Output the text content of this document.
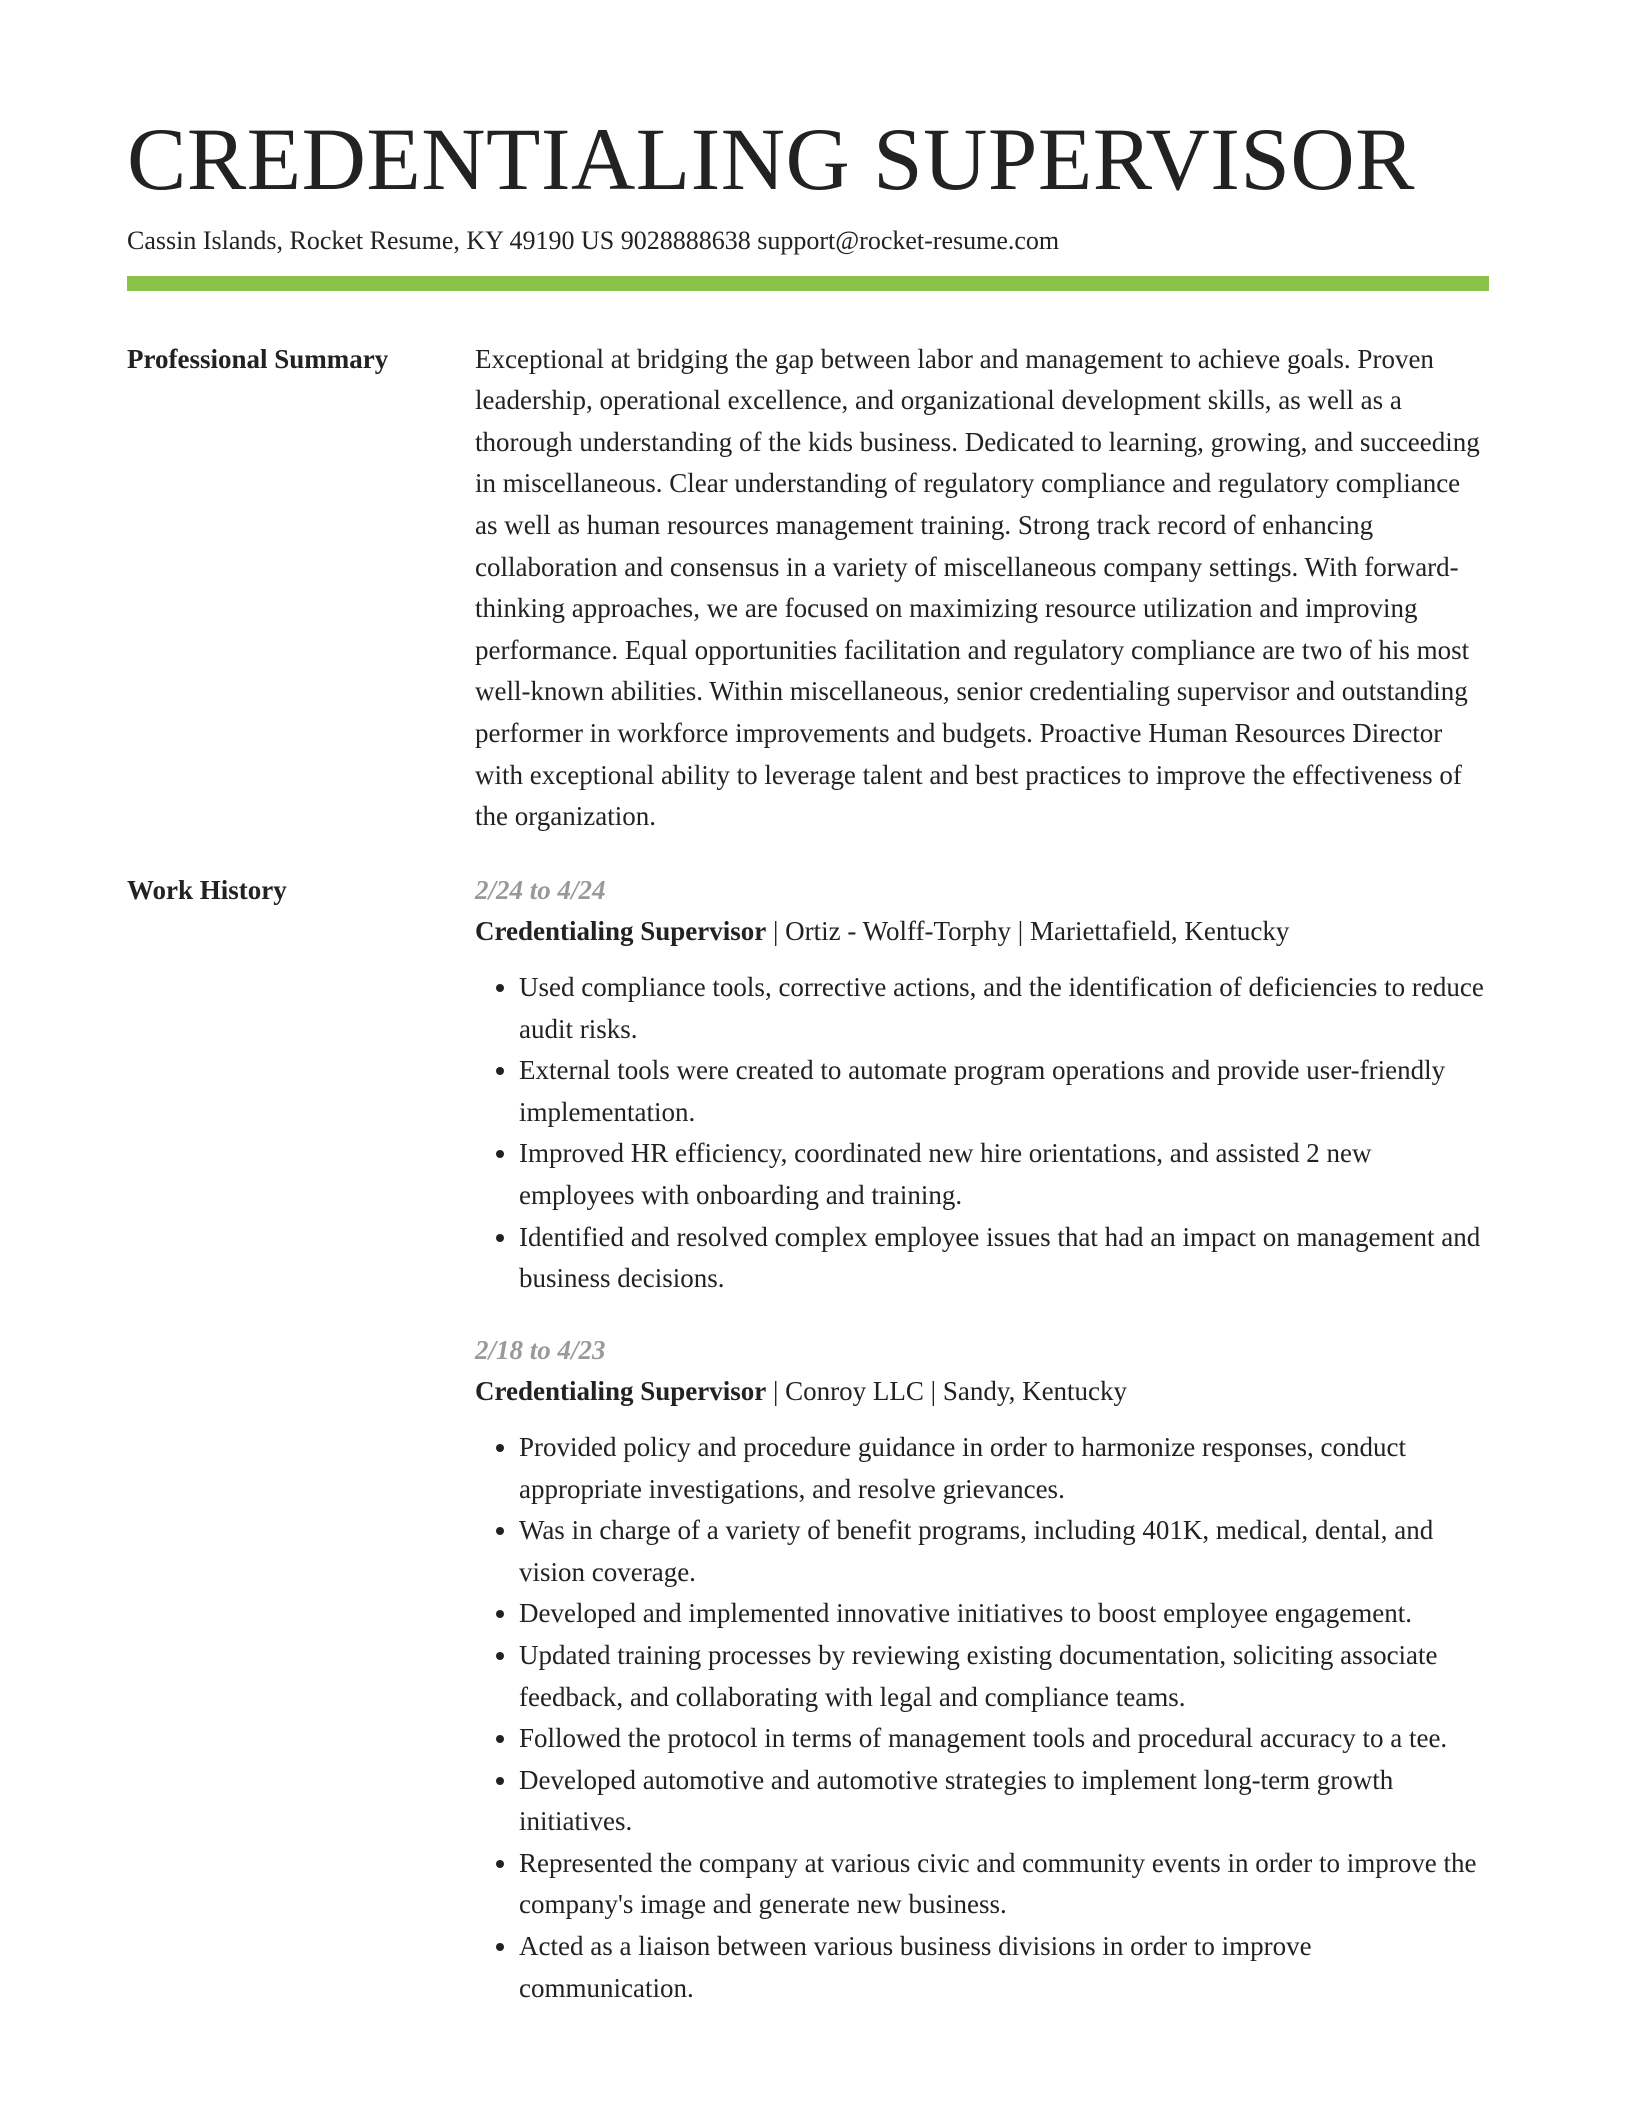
CREDENTIALING SUPERVISOR
Cassin Islands, Rocket Resume, KY 49190 US 9028888638 support@rocket-resume.com
Professional Summary	Exceptional at bridging the gap between labor and management to achieve goals. Proven leadership, operational excellence, and organizational development skills, as well as a thorough understanding of the kids business. Dedicated to learning, growing, and succeeding in miscellaneous. Clear understanding of regulatory compliance and regulatory compliance as well as human resources management training. Strong track record of enhancing collaboration and consensus in a variety of miscellaneous company settings. With forward-thinking approaches, we are focused on maximizing resource utilization and improving performance. Equal opportunities facilitation and regulatory compliance are two of his most well-known abilities. Within miscellaneous, senior credentialing supervisor and outstanding performer in workforce improvements and budgets. Proactive Human Resources Director with exceptional ability to leverage talent and best practices to improve the effectiveness of the organization.
Work History	2/24 to 4/24
Credentialing Supervisor | Ortiz - Wolff-Torphy | Mariettafield, Kentucky
• Used compliance tools, corrective actions, and the identification of deficiencies to reduce audit risks.
• External tools were created to automate program operations and provide user-friendly implementation.
• Improved HR efficiency, coordinated new hire orientations, and assisted 2 new employees with onboarding and training.
• Identified and resolved complex employee issues that had an impact on management and business decisions.
2/18 to 4/23
Credentialing Supervisor | Conroy LLC | Sandy, Kentucky
• Provided policy and procedure guidance in order to harmonize responses, conduct appropriate investigations, and resolve grievances.
• Was in charge of a variety of benefit programs, including 401K, medical, dental, and vision coverage.
• Developed and implemented innovative initiatives to boost employee engagement.
• Updated training processes by reviewing existing documentation, soliciting associate feedback, and collaborating with legal and compliance teams.
• Followed the protocol in terms of management tools and procedural accuracy to a tee.
• Developed automotive and automotive strategies to implement long-term growth initiatives.
• Represented the company at various civic and community events in order to improve the company's image and generate new business.
• Acted as a liaison between various business divisions in order to improve communication.
